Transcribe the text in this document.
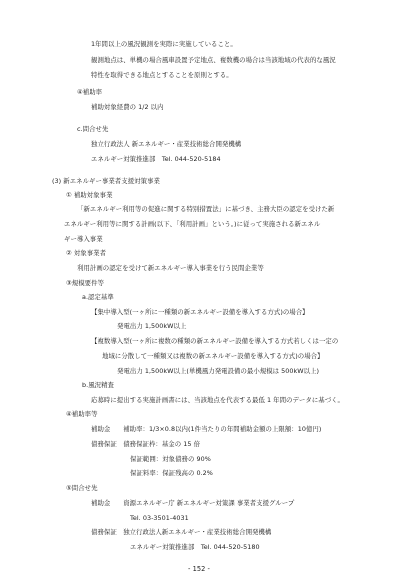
1年間以上の風況観測を実際に実施していること。
観測地点は、単機の場合風車設置予定地点、複数機の場合は当該地域の代表的な風況
特性を取得できる地点とすることを原則とする。
④補助率
補助対象経費の 1/2 以内
c.問合せ先
独立行政法人 新エネルギー・産業技術総合開発機構
エネルギー対策推進部　Tel. 044-520-5184
(3) 新エネルギー事業者支援対策事業
① 補助対象事業
「新エネルギー利用等の促進に関する特別措置法」に基づき、主務大臣の認定を受けた新
エネルギー利用等に関する計画(以下、「利用計画」という。)に従って実施される新エネル
ギー導入事業
② 対象事業者
利用計画の認定を受けて新エネルギー導入事業を行う民間企業等
③規模要件等
a.認定基準
【集中導入型(一ヶ所に一種類の新エネルギー設備を導入する方式)の場合】
発電出力 1,500kW以上
【複数導入型(一ヶ所に複数の種類の新エネルギー設備を導入する方式若しくは一定の
地域に分散して一種類又は複数の新エネルギー設備を導入する方式)の場合】
発電出力 1,500kW以上(単機風力発電設備の最小規模は 500kW以上)
b.風況精査
応募時に提出する実施計画書には、当該地点を代表する最低 1 年間のデータに基づく。
④補助率等
補助金　　補助率：1/3×0.8以内(1件当たりの年間補助金額の上限額：10億円)
債務保証　債務保証枠：基金の 15 倍
保証範囲：対象債務の 90%
保証料率：保証残高の 0.2%
⑤問合せ先
補助金　　資源エネルギー庁 新エネルギー対策課 事業者支援グループ
Tel. 03-3501-4031
債務保証　独立行政法人新エネルギー・産業技術総合開発機構
エネルギー対策推進部　Tel. 044-520-5180
- 152 -
